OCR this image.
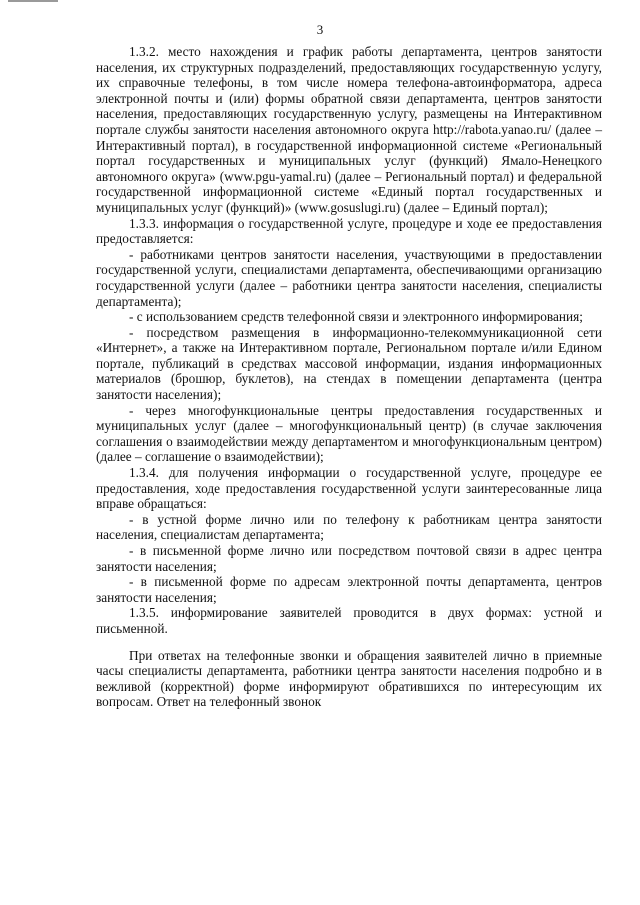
3

1.3.2. место нахождения и график работы департамента, центров занятости населения, их структурных подразделений, предоставляющих государственную услугу, их справочные телефоны, в том числе номера телефона-автоинформатора, адреса электронной почты и (или) формы обратной связи департамента, центров занятости населения, предоставляющих государственную услугу, размещены на Интерактивном портале службы занятости населения автономного округа http://rabota.yanao.ru/ (далее – Интерактивный портал), в государственной информационной системе «Региональный портал государственных и муниципальных услуг (функций) Ямало-Ненецкого автономного округа» (www.pgu-yamal.ru) (далее – Региональный портал) и федеральной государственной информационной системе «Единый портал государственных и муниципальных услуг (функций)» (www.gosuslugi.ru) (далее – Единый портал);

1.3.3. информация о государственной услуге, процедуре и ходе ее предоставления предоставляется:

- работниками центров занятости населения, участвующими в предоставлении государственной услуги, специалистами департамента, обеспечивающими организацию государственной услуги (далее – работники центра занятости населения, специалисты департамента);

- с использованием средств телефонной связи и электронного информирования;

- посредством размещения в информационно-телекоммуникационной сети «Интернет», а также на Интерактивном портале, Региональном портале и/или Едином портале, публикаций в средствах массовой информации, издания информационных материалов (брошюр, буклетов), на стендах в помещении департамента (центра занятости населения);

- через многофункциональные центры предоставления государственных и муниципальных услуг (далее – многофункциональный центр) (в случае заключения соглашения о взаимодействии между департаментом и многофункциональным центром) (далее – соглашение о взаимодействии);

1.3.4. для получения информации о государственной услуге, процедуре ее предоставления, ходе предоставления государственной услуги заинтересованные лица вправе обращаться:

- в устной форме лично или по телефону к работникам центра занятости населения, специалистам департамента;

- в письменной форме лично или посредством почтовой связи в адрес центра занятости населения;

- в письменной форме по адресам электронной почты департамента, центров занятости населения;

1.3.5. информирование заявителей проводится в двух формах: устной и письменной.

При ответах на телефонные звонки и обращения заявителей лично в приемные часы специалисты департамента, работники центра занятости населения подробно и в вежливой (корректной) форме информируют обратившихся по интересующим их вопросам. Ответ на телефонный звонок
